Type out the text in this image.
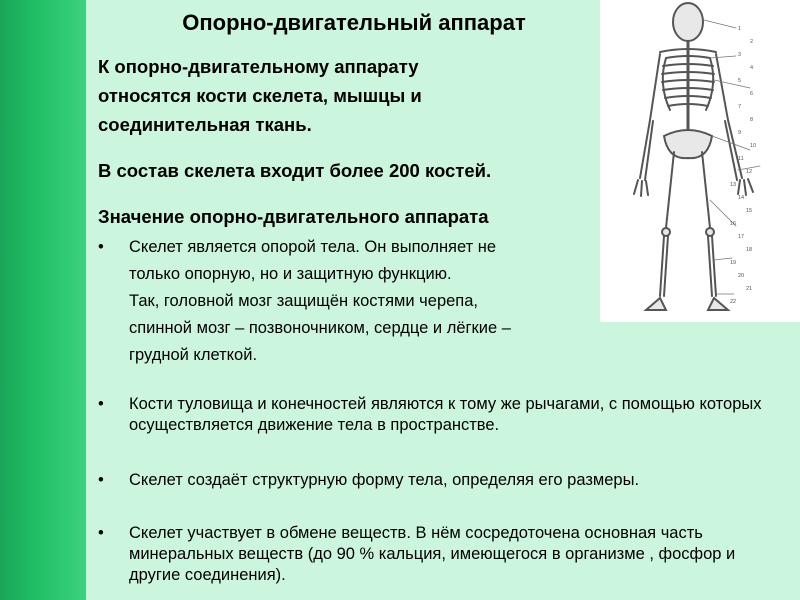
Опорно-двигательный аппарат
К опорно-двигательному аппарату
относятся кости скелета, мышцы и
соединительная ткань.
В состав скелета входит более 200 костей.
Значение опорно-двигательного аппарата
• Скелет является опорой тела. Он выполняет не
только опорную, но и защитную функцию.
Так, головной мозг защищён костями черепа,
спинной мозг – позвоночником, сердце и лёгкие –
грудной клеткой.
•	Кости туловища и конечностей являются к тому же рычагами, с помощью которых осуществляется движение тела в пространстве.
•	Скелет создаёт структурную форму тела, определяя его размеры.
•	Скелет участвует в обмене веществ. В нём сосредоточена основная часть минеральных веществ (до 90 % кальция, имеющегося в организме , фосфор и другие соединения).
1
2
3
4
5
6
7
8
9
10
11
12
13
14
15
16
17
18
19
20
21
22
